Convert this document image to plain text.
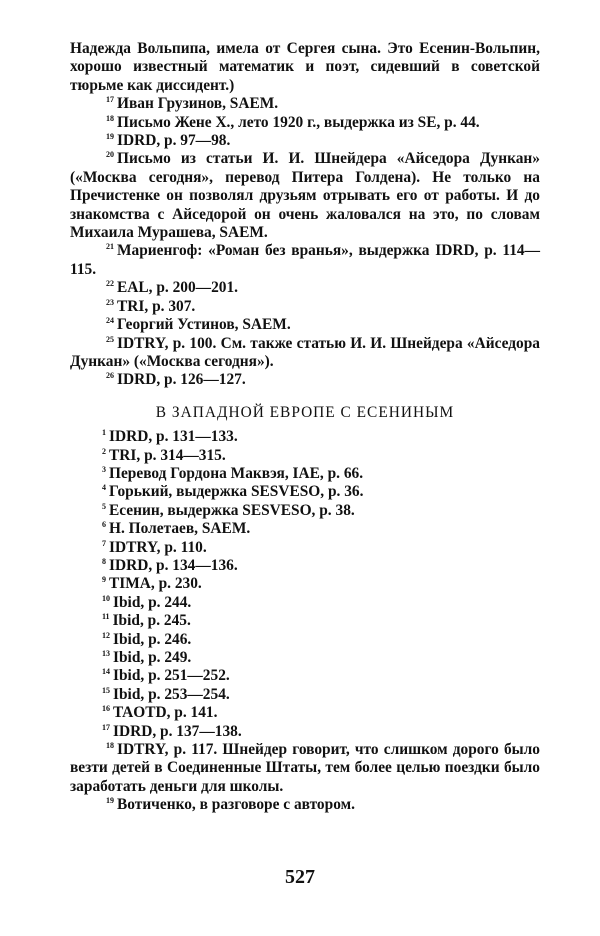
Надежда Вольпипа, имела от Сергея сына. Это Есенин-Вольпин, хорошо известный математик и поэт, сидевший в советской тюрьме как диссидент.)

$^{17}$ Иван Грузинов, SAEM.

$^{18}$ Письмо Жене Х., лето 1920 г., выдержка из SE, р. 44.

$^{19}$ IDRD, р. 97—98.

$^{20}$ Письмо из статьи И. И. Шнейдера «Айседора Дункан» («Москва сегодня», перевод Питера Голдена). Не только на Пречистенке он позволял друзьям отрывать его от работы. И до знакомства с Айседорой он очень жаловался на это, по словам Михаила Мурашева, SAEM.

$^{21}$ Мариенгоф: «Роман без вранья», выдержка IDRD, р. 114—115.

$^{22}$ EAL, р. 200—201.

$^{23}$ TRI, р. 307.

$^{24}$ Георгий Устинов, SAEM.

$^{25}$ IDTRY, р. 100. См. также статью И. И. Шнейдера «Айседора Дункан» («Москва сегодня»).

$^{26}$ IDRD, р. 126—127.

В ЗАПАДНОЙ ЕВРОПЕ С ЕСЕНИНЫМ

$^1$ IDRD, р. 131—133.

$^2$ TRI, р. 314—315.

$^3$ Перевод Гордона Маквэя, IAE, р. 66.

$^4$ Горький, выдержка SESVESO, р. 36.

$^5$ Есенин, выдержка SESVESO, р. 38.

$^6$ Н. Полетаев, SAEM.

$^7$ IDTRY, р. 110.

$^8$ IDRD, р. 134—136.

$^9$ TIMA, р. 230.

$^{10}$ Ibid, р. 244.

$^{11}$ Ibid, р. 245.

$^{12}$ Ibid, р. 246.

$^{13}$ Ibid, р. 249.

$^{14}$ Ibid, р. 251—252.

$^{15}$ Ibid, р. 253—254.

$^{16}$ TAOTD, р. 141.

$^{17}$ IDRD, р. 137—138.

$^{18}$ IDTRY, р. 117. Шнейдер говорит, что слишком дорого было везти детей в Соединенные Штаты, тем более целью поездки было заработать деньги для школы.

$^{19}$ Вотиченко, в разговоре с автором.

527
